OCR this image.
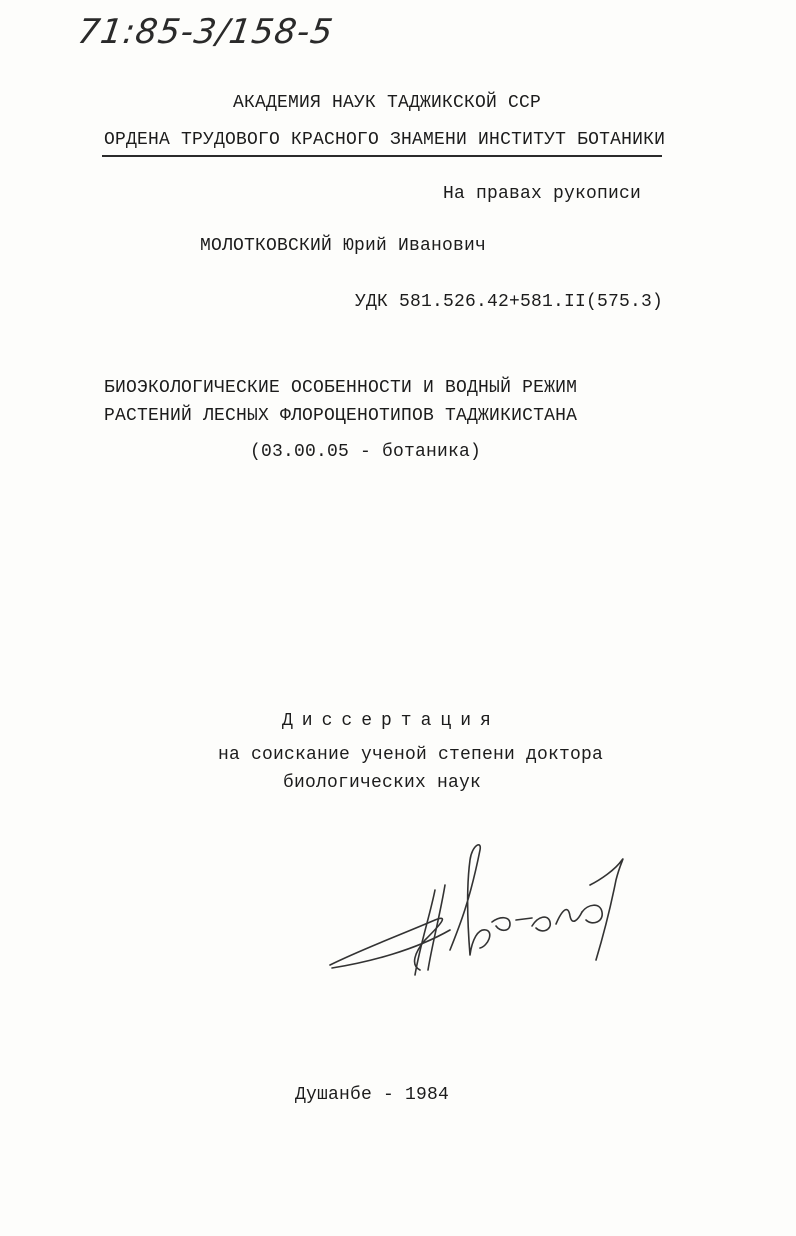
71:85-3/158-5
АКАДЕМИЯ НАУК ТАДЖИКСКОЙ ССР
ОРДЕНА ТРУДОВОГО КРАСНОГО ЗНАМЕНИ ИНСТИТУТ БОТАНИКИ
На правах рукописи
МОЛОТКОВСКИЙ Юрий Иванович
УДК 581.526.42+581.II(575.3)
БИОЭКОЛОГИЧЕСКИЕ ОСОБЕННОСТИ И ВОДНЫЙ РЕЖИМ
РАСТЕНИЙ ЛЕСНЫХ ФЛОРОЦЕНОТИПОВ ТАДЖИКИСТАНА
(03.00.05 - ботаника)
Диссертация
на соискание ученой степени доктора
биологических наук
Душанбе - 1984
